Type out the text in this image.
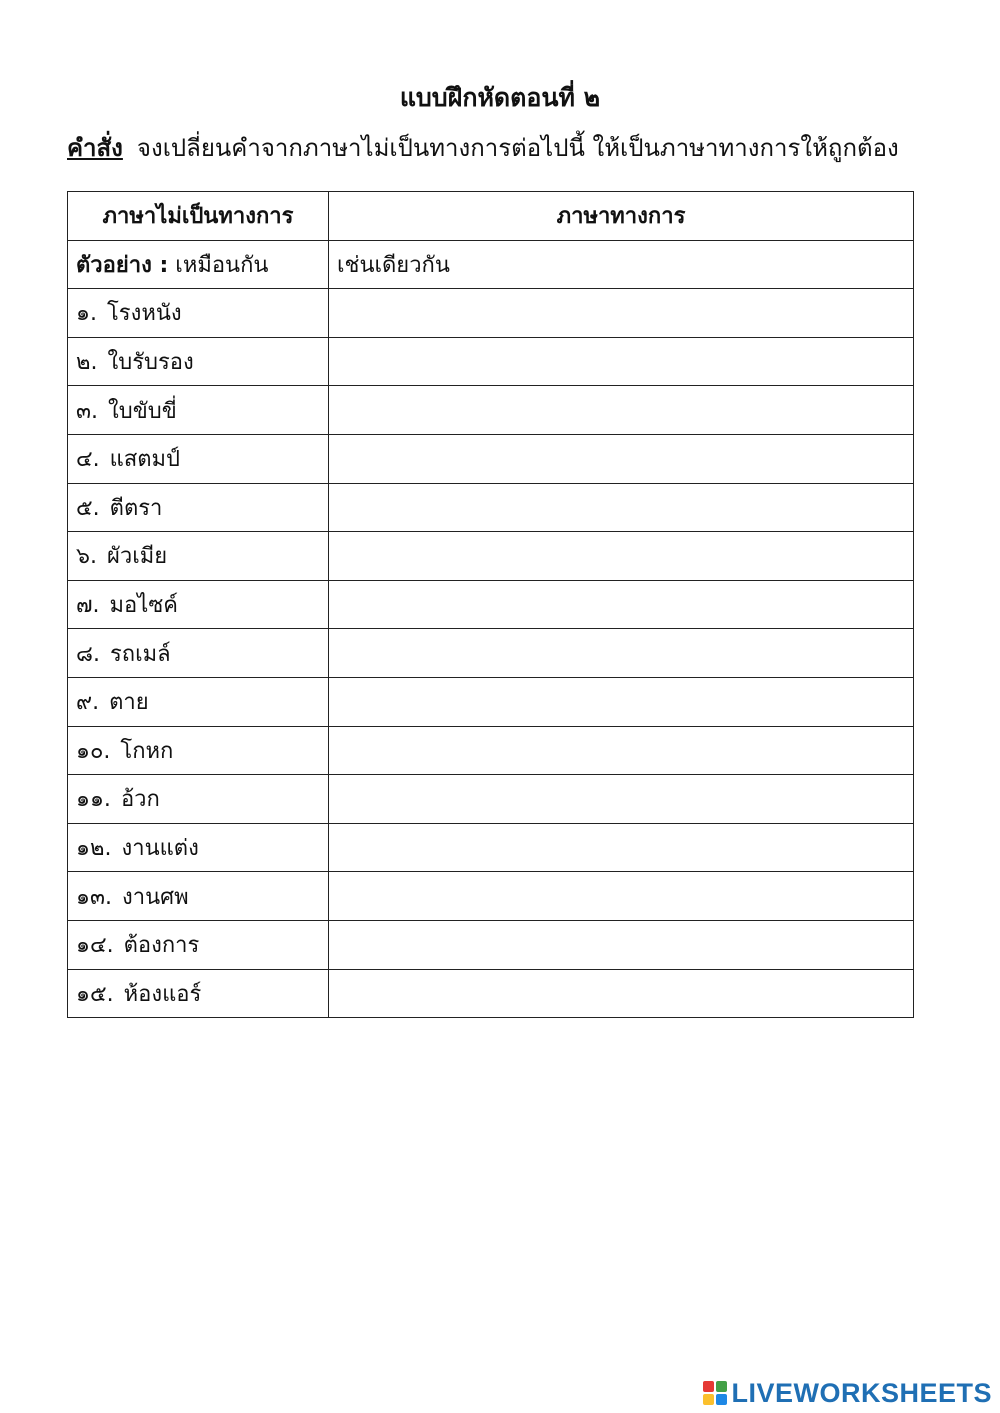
แบบฝึกหัดตอนที่ ๒
คำสั่ง จงเปลี่ยนคำจากภาษาไม่เป็นทางการต่อไปนี้ ให้เป็นภาษาทางการให้ถูกต้อง
ภาษาไม่เป็นทางการ	ภาษาทางการ
ตัวอย่าง : เหมือนกัน	เช่นเดียวกัน
๑. โรงหนัง	
๒. ใบรับรอง	
๓. ใบขับขี่	
๔. แสตมป์	
๕. ตีตรา	
๖. ผัวเมีย	
๗. มอไซค์	
๘. รถเมล์	
๙. ตาย	
๑๐. โกหก	
๑๑. อ้วก	
๑๒. งานแต่ง	
๑๓. งานศพ	
๑๔. ต้องการ	
๑๕. ห้องแอร์	
LIVEWORKSHEETS
